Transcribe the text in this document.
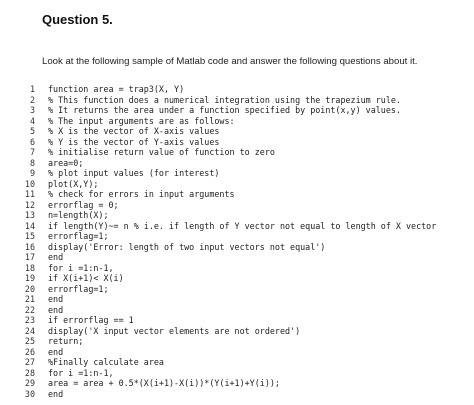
Question 5.
Look at the following sample of Matlab code and answer the following questions about it.
1	function area = trap3(X, Y)
2	% This function does a numerical integration using the trapezium rule.
3	% It returns the area under a function specified by point(x,y) values.
4	% The input arguments are as follows:
5	% X is the vector of X-axis values
6	% Y is the vector of Y-axis values
7	% initialise return value of function to zero
8	area=0;
9	% plot input values (for interest)
10	plot(X,Y);
11	% check for errors in input arguments
12	errorflag = 0;
13	n=length(X);
14	if length(Y)~= n % i.e. if length of Y vector not equal to length of X vector
15	errorflag=1;
16	display('Error: length of two input vectors not equal')
17	end
18	for i =1:n-1,
19	if X(i+1)< X(i)
20	errorflag=1;
21	end
22	end
23	if errorflag == 1
24	display('X input vector elements are not ordered')
25	return;
26	end
27	%Finally calculate area
28	for i =1:n-1,
29	area = area + 0.5*(X(i+1)-X(i))*(Y(i+1)+Y(i));
30	end
